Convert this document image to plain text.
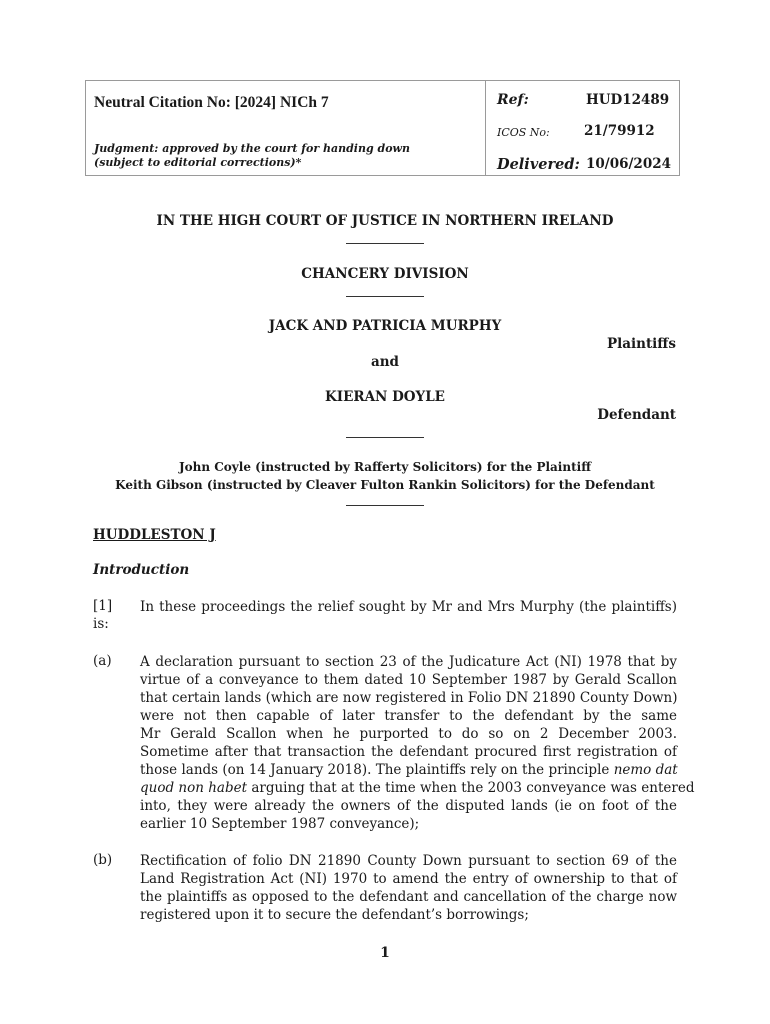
Neutral Citation No: [2024] NICh 7
Judgment: approved by the court for handing down
(subject to editorial corrections)*
Ref:	HUD12489
ICOS No:	21/79912
Delivered: 10/06/2024
IN THE HIGH COURT OF JUSTICE IN NORTHERN IRELAND
CHANCERY DIVISION
JACK AND PATRICIA MURPHY
Plaintiffs
and
KIERAN DOYLE
Defendant
John Coyle (instructed by Rafferty Solicitors) for the Plaintiff
Keith Gibson (instructed by Cleaver Fulton Rankin Solicitors) for the Defendant
HUDDLESTON J
Introduction
[1] In these proceedings the relief sought by Mr and Mrs Murphy (the plaintiffs)
is:
(a) A declaration pursuant to section 23 of the Judicature Act (NI) 1978 that by
virtue of a conveyance to them dated 10 September 1987 by Gerald Scallon
that certain lands (which are now registered in Folio DN 21890 County Down)
were not then capable of later transfer to the defendant by the same
Mr Gerald Scallon when he purported to do so on 2 December 2003.
Sometime after that transaction the defendant procured first registration of
those lands (on 14 January 2018). The plaintiffs rely on the principle nemo dat
quod non habet arguing that at the time when the 2003 conveyance was entered
into, they were already the owners of the disputed lands (ie on foot of the
earlier 10 September 1987 conveyance);
(b) Rectification of folio DN 21890 County Down pursuant to section 69 of the
Land Registration Act (NI) 1970 to amend the entry of ownership to that of
the plaintiffs as opposed to the defendant and cancellation of the charge now
registered upon it to secure the defendant’s borrowings;
1
